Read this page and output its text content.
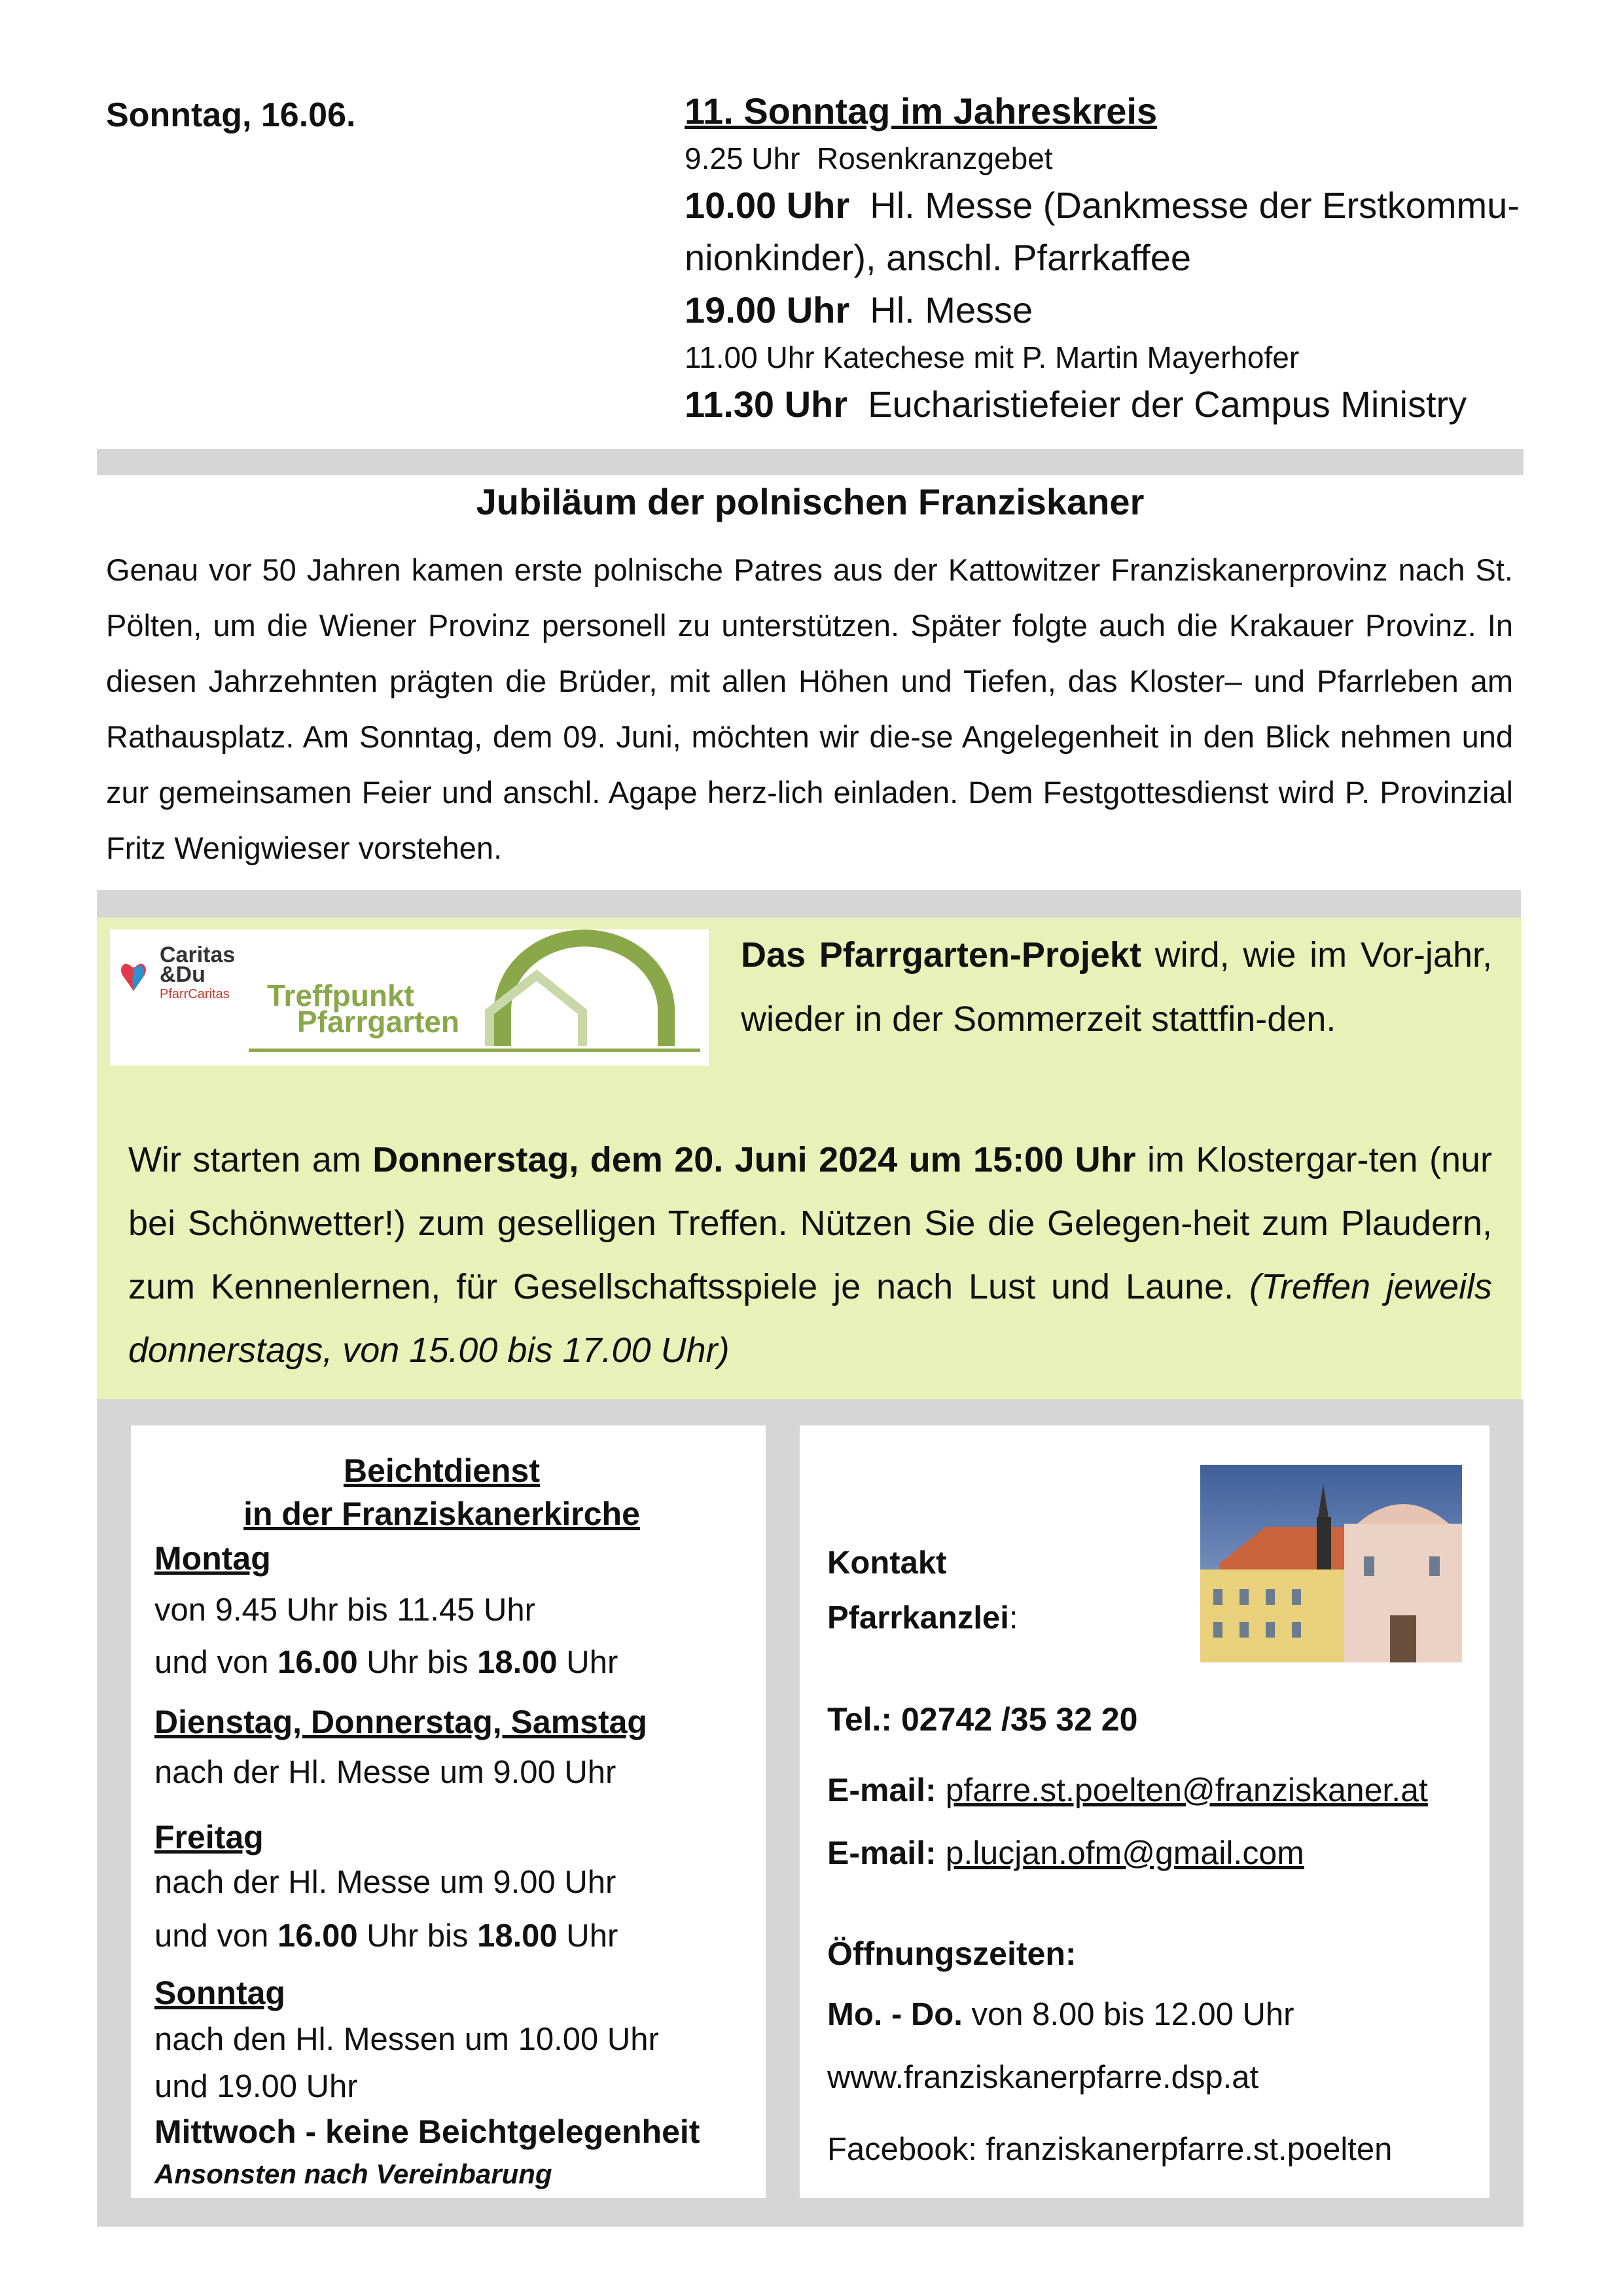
Sonntag, 16.06.	11. Sonntag im Jahreskreis
9.25 Uhr Rosenkranzgebet
10.00 Uhr Hl. Messe (Dankmesse der Erstkommu-nionkinder), anschl. Pfarrkaffee
19.00 Uhr Hl. Messe
11.00 Uhr Katechese mit P. Martin Mayerhofer
11.30 Uhr Eucharistiefeier der Campus Ministry
Jubiläum der polnischen Franziskaner
Genau vor 50 Jahren kamen erste polnische Patres aus der Kattowitzer Franziskanerprovinz nach St. Pölten, um die Wiener Provinz personell zu unterstützen. Später folgte auch die Krakauer Provinz. In diesen Jahrzehnten prägten die Brüder, mit allen Höhen und Tiefen, das Kloster– und Pfarrleben am Rathausplatz. Am Sonntag, dem 09. Juni, möchten wir die-se Angelegenheit in den Blick nehmen und zur gemeinsamen Feier und anschl. Agape herz-lich einladen. Dem Festgottesdienst wird P. Provinzial Fritz Wenigwieser vorstehen.
Caritas
&Du
PfarrCaritas Treffpunkt
Pfarrgarten
Das Pfarrgarten-Projekt wird, wie im Vor-jahr, wieder in der Sommerzeit stattfin-den.
Wir starten am Donnerstag, dem 20. Juni 2024 um 15:00 Uhr im Klostergar-ten (nur bei Schönwetter!) zum geselligen Treffen. Nützen Sie die Gelegen-heit zum Plaudern, zum Kennenlernen, für Gesellschaftsspiele je nach Lust und Laune. (Treffen jeweils donnerstags, von 15.00 bis 17.00 Uhr)
Beichtdienst
in der Franziskanerkirche
Montag
von 9.45 Uhr bis 11.45 Uhr
und von 16.00 Uhr bis 18.00 Uhr
Dienstag, Donnerstag, Samstag
nach der Hl. Messe um 9.00 Uhr
Freitag
nach der Hl. Messe um 9.00 Uhr
und von 16.00 Uhr bis 18.00 Uhr
Sonntag
nach den Hl. Messen um 10.00 Uhr
und 19.00 Uhr
Mittwoch - keine Beichtgelegenheit
Ansonsten nach Vereinbarung
Kontakt
Pfarrkanzlei:
Tel.: 02742 /35 32 20
E-mail: pfarre.st.poelten@franziskaner.at
E-mail: p.lucjan.ofm@gmail.com
Öffnungszeiten:
Mo. - Do. von 8.00 bis 12.00 Uhr
www.franziskanerpfarre.dsp.at
Facebook: franziskanerpfarre.st.poelten
